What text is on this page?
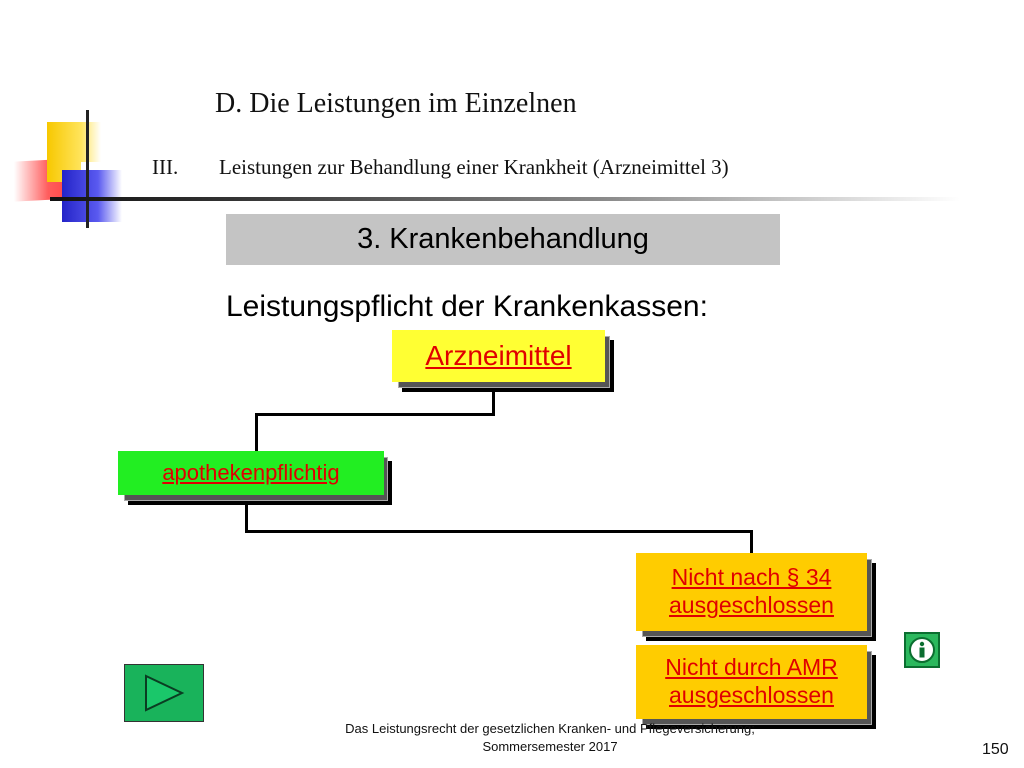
D. Die Leistungen im Einzelnen
III. Leistungen zur Behandlung einer Krankheit (Arzneimittel 3)
3. Krankenbehandlung
Leistungspflicht der Krankenkassen:
Arzneimittel
apothekenpflichtig
Nicht nach § 34
ausgeschlossen
Nicht durch AMR
ausgeschlossen
Das Leistungsrecht der gesetzlichen Kranken- und Pflegeversicherung;
Sommersemester 2017	150
